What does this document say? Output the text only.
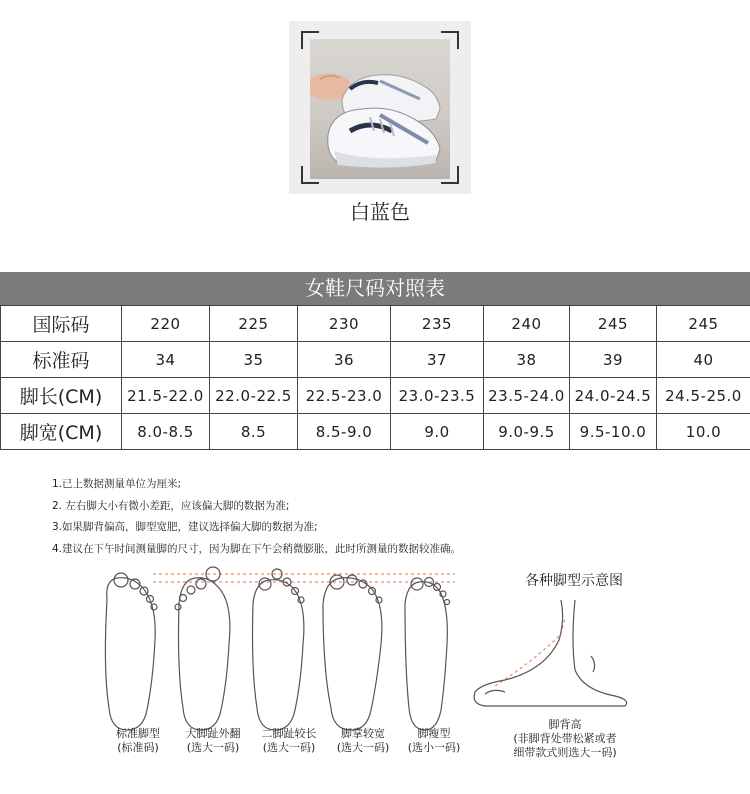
白蓝色
女鞋尺码对照表
国际码	220	225	230	235	240	245	245
标准码	34	35	36	37	38	39	40
脚长(CM)	21.5-22.0	22.0-22.5	22.5-23.0	23.0-23.5	23.5-24.0	24.0-24.5	24.5-25.0
脚宽(CM)	8.0-8.5	8.5	8.5-9.0	9.0	9.0-9.5	9.5-10.0	10.0
1.已上数据测量单位为厘米;
2. 左右脚大小有微小差距，应该偏大脚的数据为准;
3.如果脚背偏高，脚型宽肥，建议选择偏大脚的数据为准;
4.建议在下午时间测量脚的尺寸，因为脚在下午会稍微膨胀，此时所测量的数据较准确。
标准脚型
(标准码)
大脚趾外翻
(选大一码)
二脚趾较长
(选大一码)
脚掌较宽
(选大一码)
脚瘦型
(选小一码)
各种脚型示意图
脚背高
(非脚背处带松紧或者
细带款式则选大一码)
